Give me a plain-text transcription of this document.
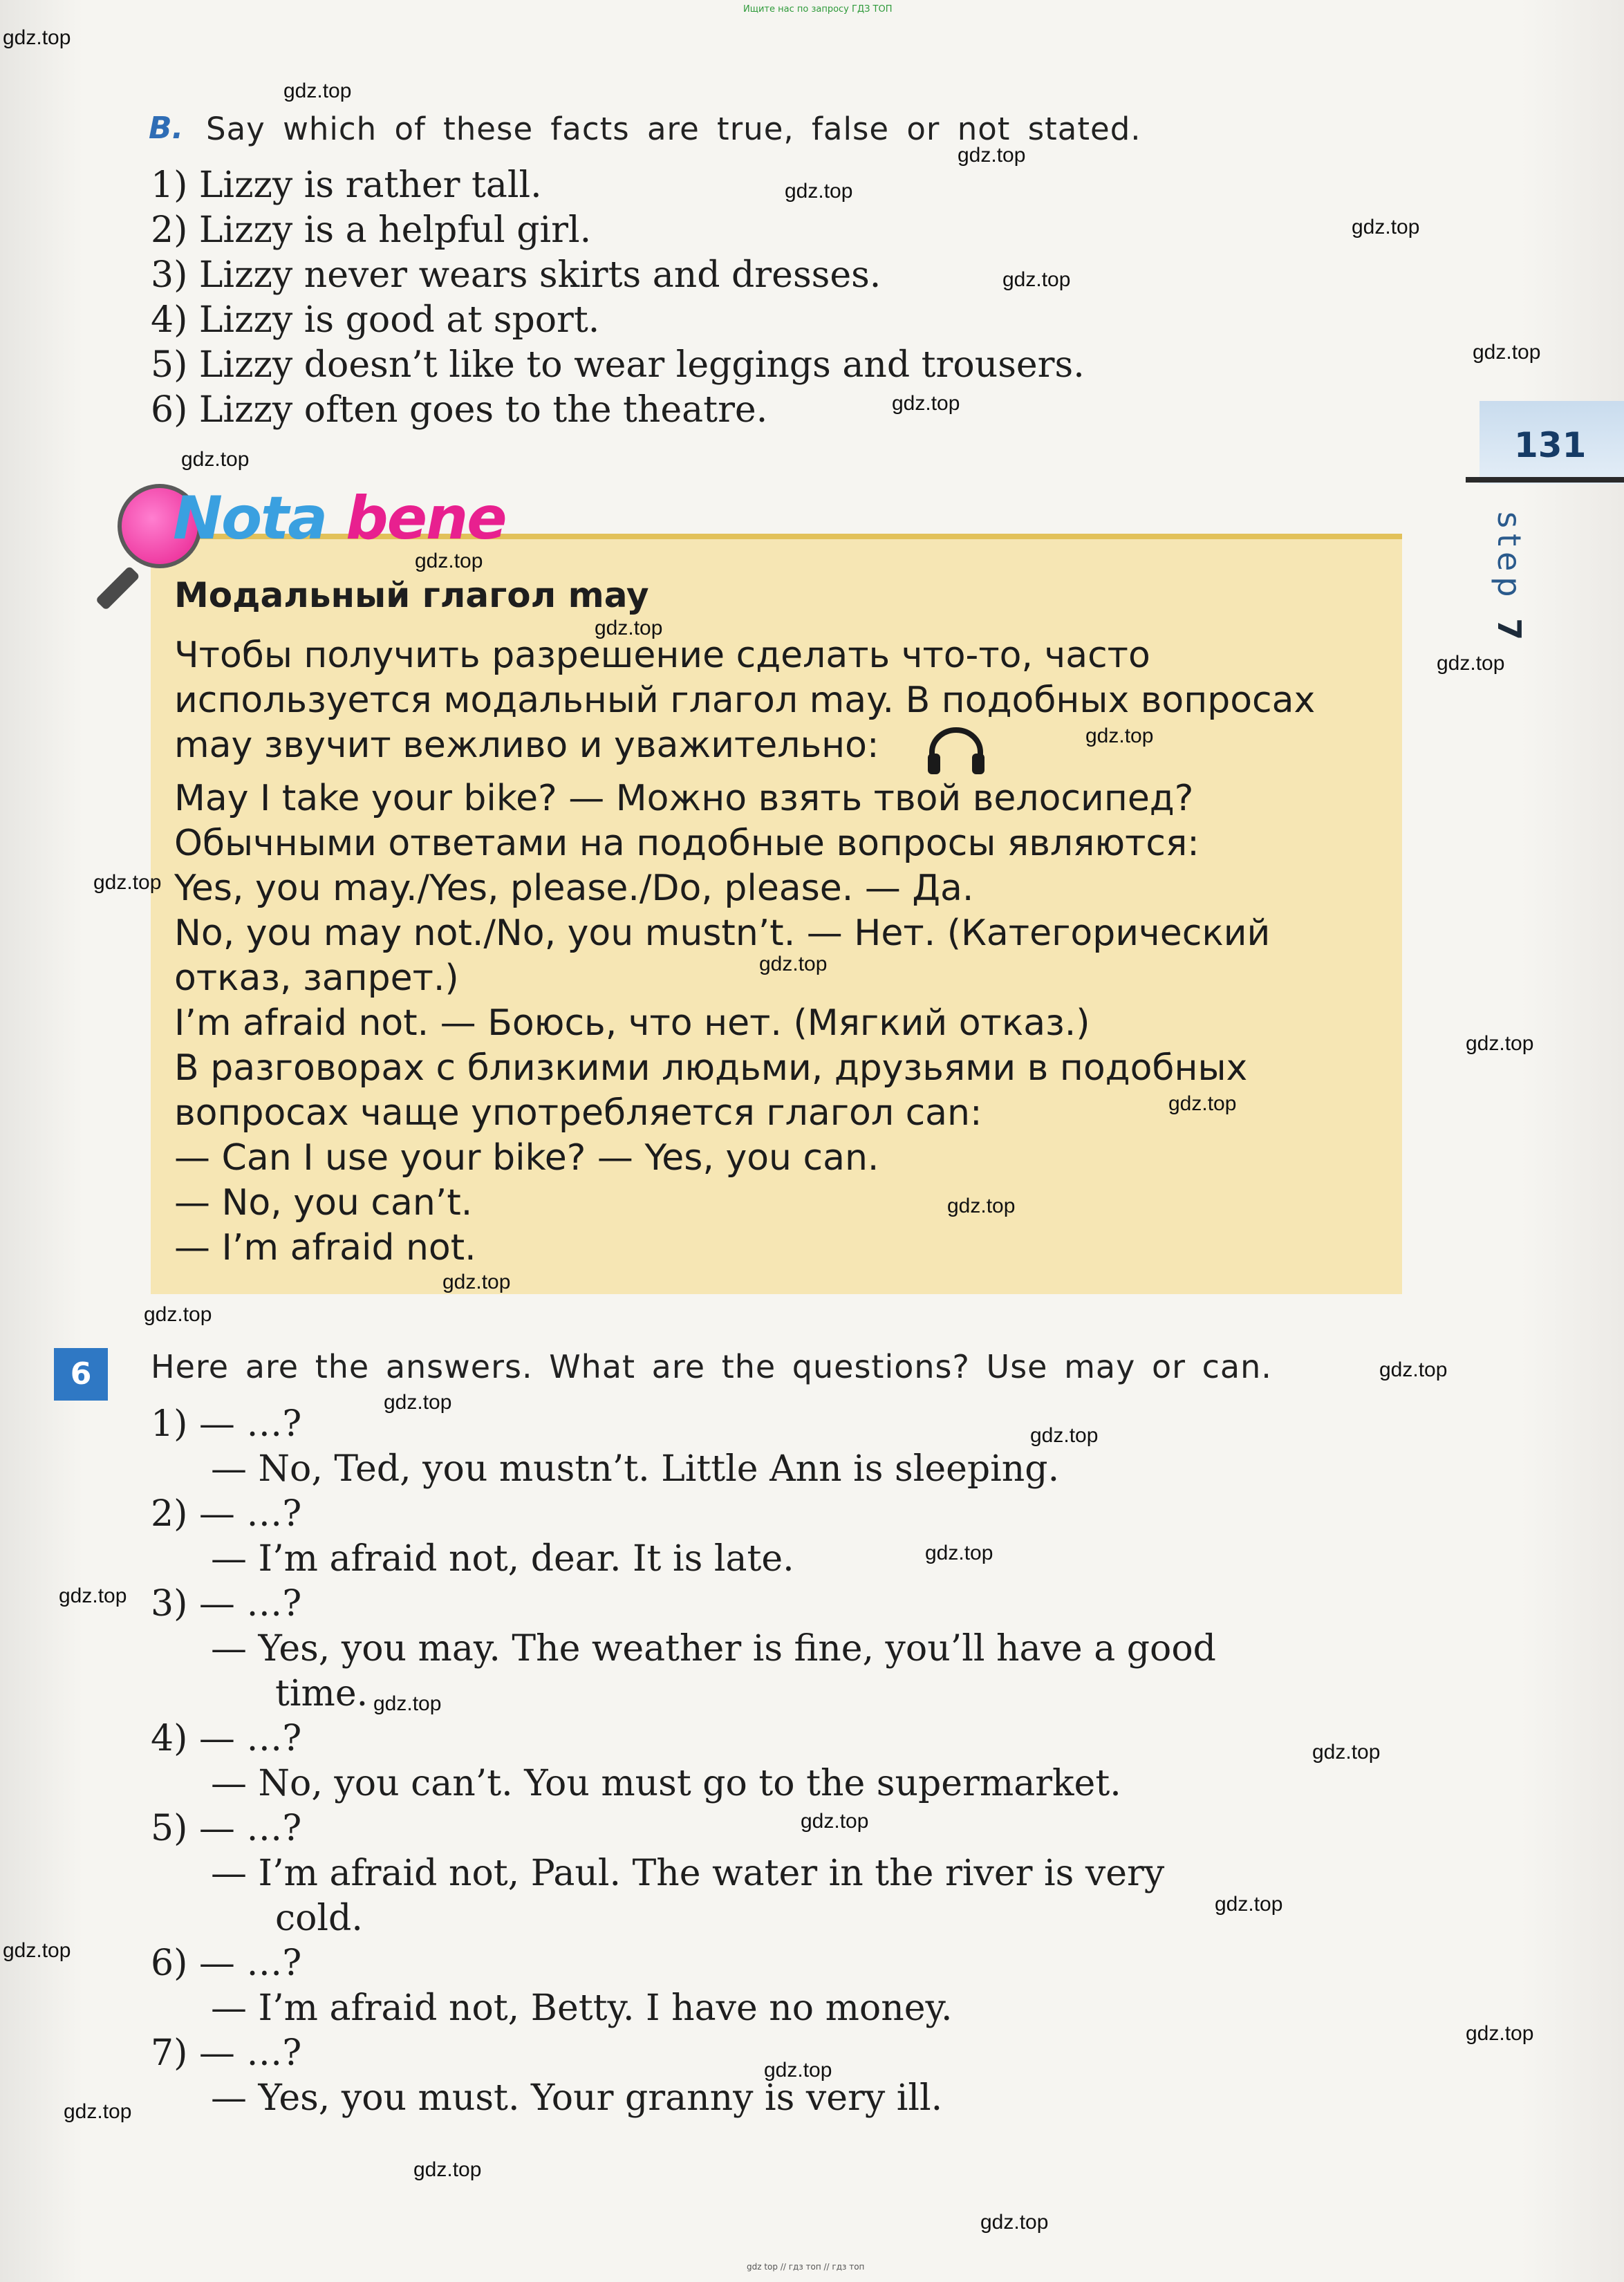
Ищите нас по запросу ГДЗ ТОП
B. Say which of these facts are true, false or not stated.
1) Lizzy is rather tall.
2) Lizzy is a helpful girl.
3) Lizzy never wears skirts and dresses.
4) Lizzy is good at sport.
5) Lizzy doesn’t like to wear leggings and trousers.
6) Lizzy often goes to the theatre.
131
step 7
Nota bene
Модальный глагол may
Чтобы получить разрешение сделать что-то, часто
используется модальный глагол may. В подобных вопросах
may звучит вежливо и уважительно:
May I take your bike? — Можно взять твой велосипед?
Обычными ответами на подобные вопросы являются:
Yes, you may./Yes, please./Do, please. — Да.
No, you may not./No, you mustn’t. — Нет. (Категорический
отказ, запрет.)
I’m afraid not. — Боюсь, что нет. (Мягкий отказ.)
В разговорах с близкими людьми, друзьями в подобных
вопросах чаще употребляется глагол can:
— Can I use your bike? — Yes, you can.
— No, you can’t.
— I’m afraid not.
6	Here are the answers. What are the questions? Use may or can.
1) — …?
— No, Ted, you mustn’t. Little Ann is sleeping.
2) — …?
— I’m afraid not, dear. It is late.
3) — …?
— Yes, you may. The weather is fine, you’ll have a good
time.
4) — …?
— No, you can’t. You must go to the supermarket.
5) — …?
— I’m afraid not, Paul. The water in the river is very
cold.
6) — …?
— I’m afraid not, Betty. I have no money.
7) — …?
— Yes, you must. Your granny is very ill.
gdz.top
gdz.top
gdz.top
gdz.top
gdz.top
gdz.top
gdz.top
gdz.top
gdz.top
gdz.top
gdz.top
gdz.top
gdz.top
gdz.top
gdz.top
gdz.top
gdz.top
gdz.top
gdz.top
gdz.top
gdz.top
gdz.top
gdz.top
gdz.top
gdz.top
gdz.top
gdz.top
gdz.top
gdz.top
gdz.top
gdz.top
gdz.top
gdz.top
gdz.top
gdz.top
gdz top // гдз топ // гдз топ
